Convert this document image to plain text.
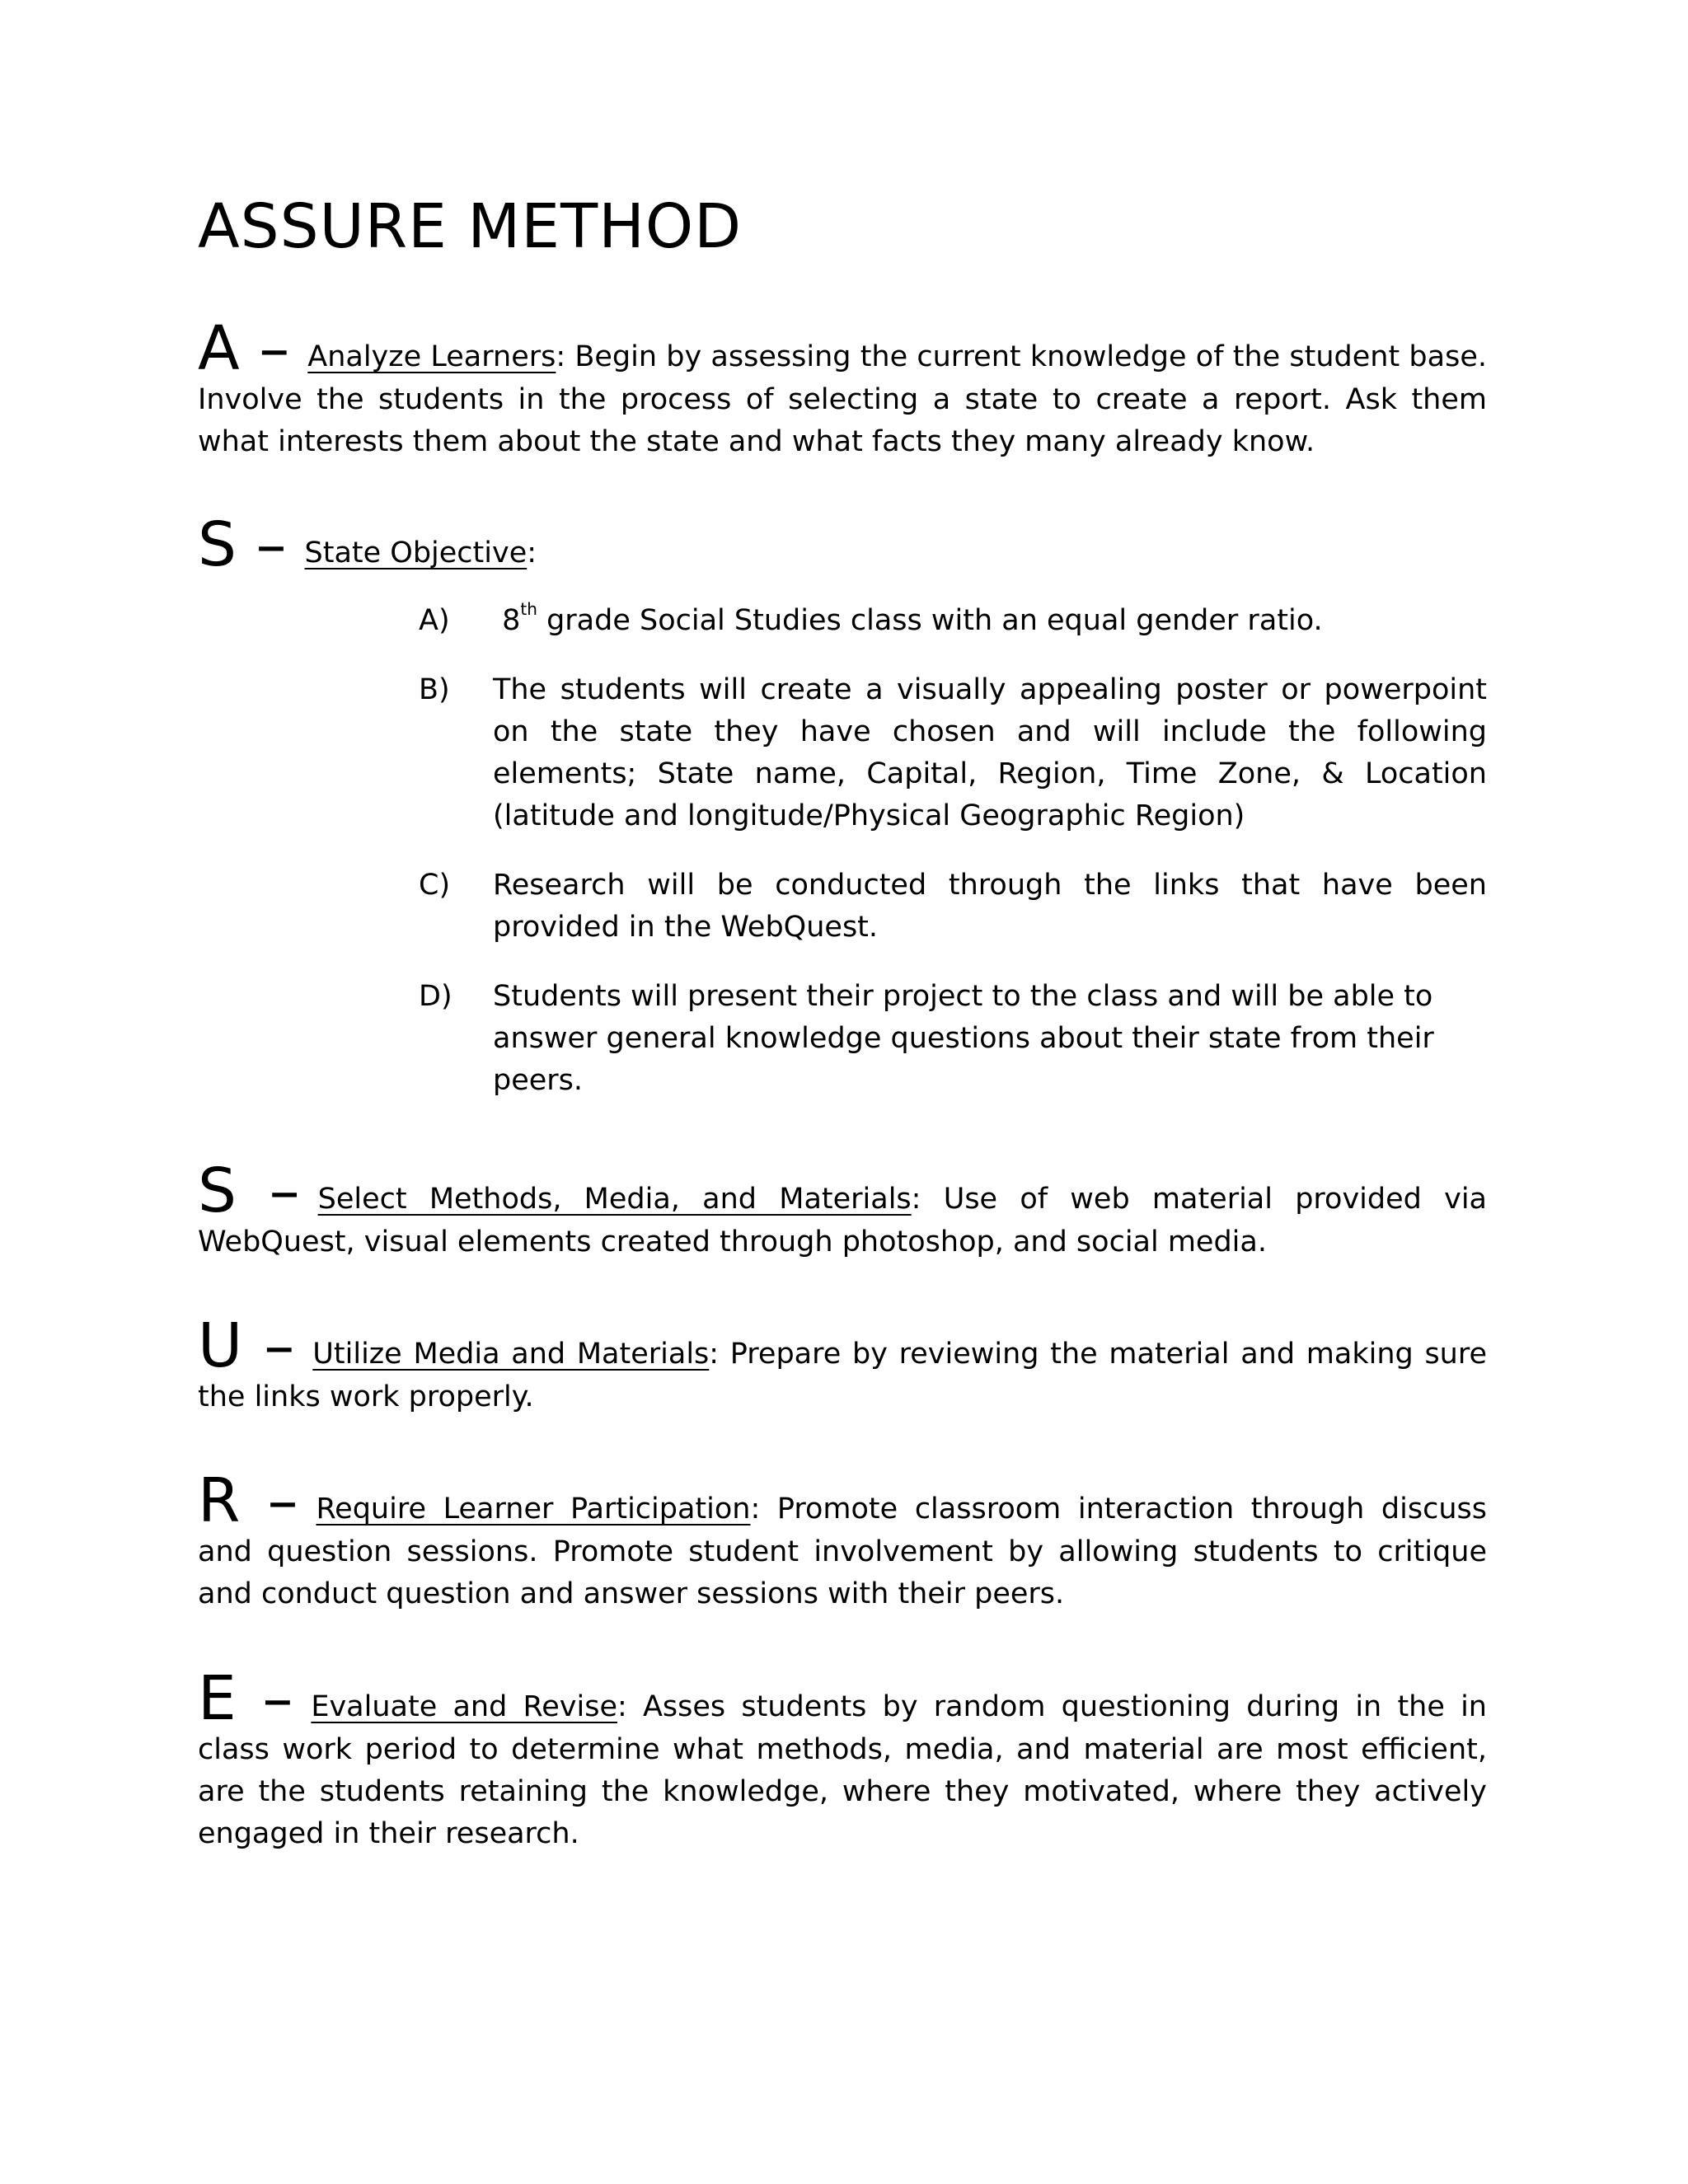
ASSURE METHOD

A – Analyze Learners: Begin by assessing the current knowledge of the student base. Involve the students in the process of selecting a state to create a report. Ask them what interests them about the state and what facts they many already know.

S – State Objective:

A)	8th grade Social Studies class with an equal gender ratio.
B)	The students will create a visually appealing poster or powerpoint on the state they have chosen and will include the following elements; State name, Capital, Region, Time Zone, & Location (latitude and longitude/Physical Geographic Region)
C)	Research will be conducted through the links that have been provided in the WebQuest.
D)	Students will present their project to the class and will be able to answer general knowledge questions about their state from their peers.

S – Select Methods, Media, and Materials: Use of web material provided via WebQuest, visual elements created through photoshop, and social media.

U – Utilize Media and Materials: Prepare by reviewing the material and making sure the links work properly.

R – Require Learner Participation: Promote classroom interaction through discuss and question sessions. Promote student involvement by allowing students to critique and conduct question and answer sessions with their peers.

E – Evaluate and Revise: Asses students by random questioning during in the in class work period to determine what methods, media, and material are most efficient, are the students retaining the knowledge, where they motivated, where they actively engaged in their research.
